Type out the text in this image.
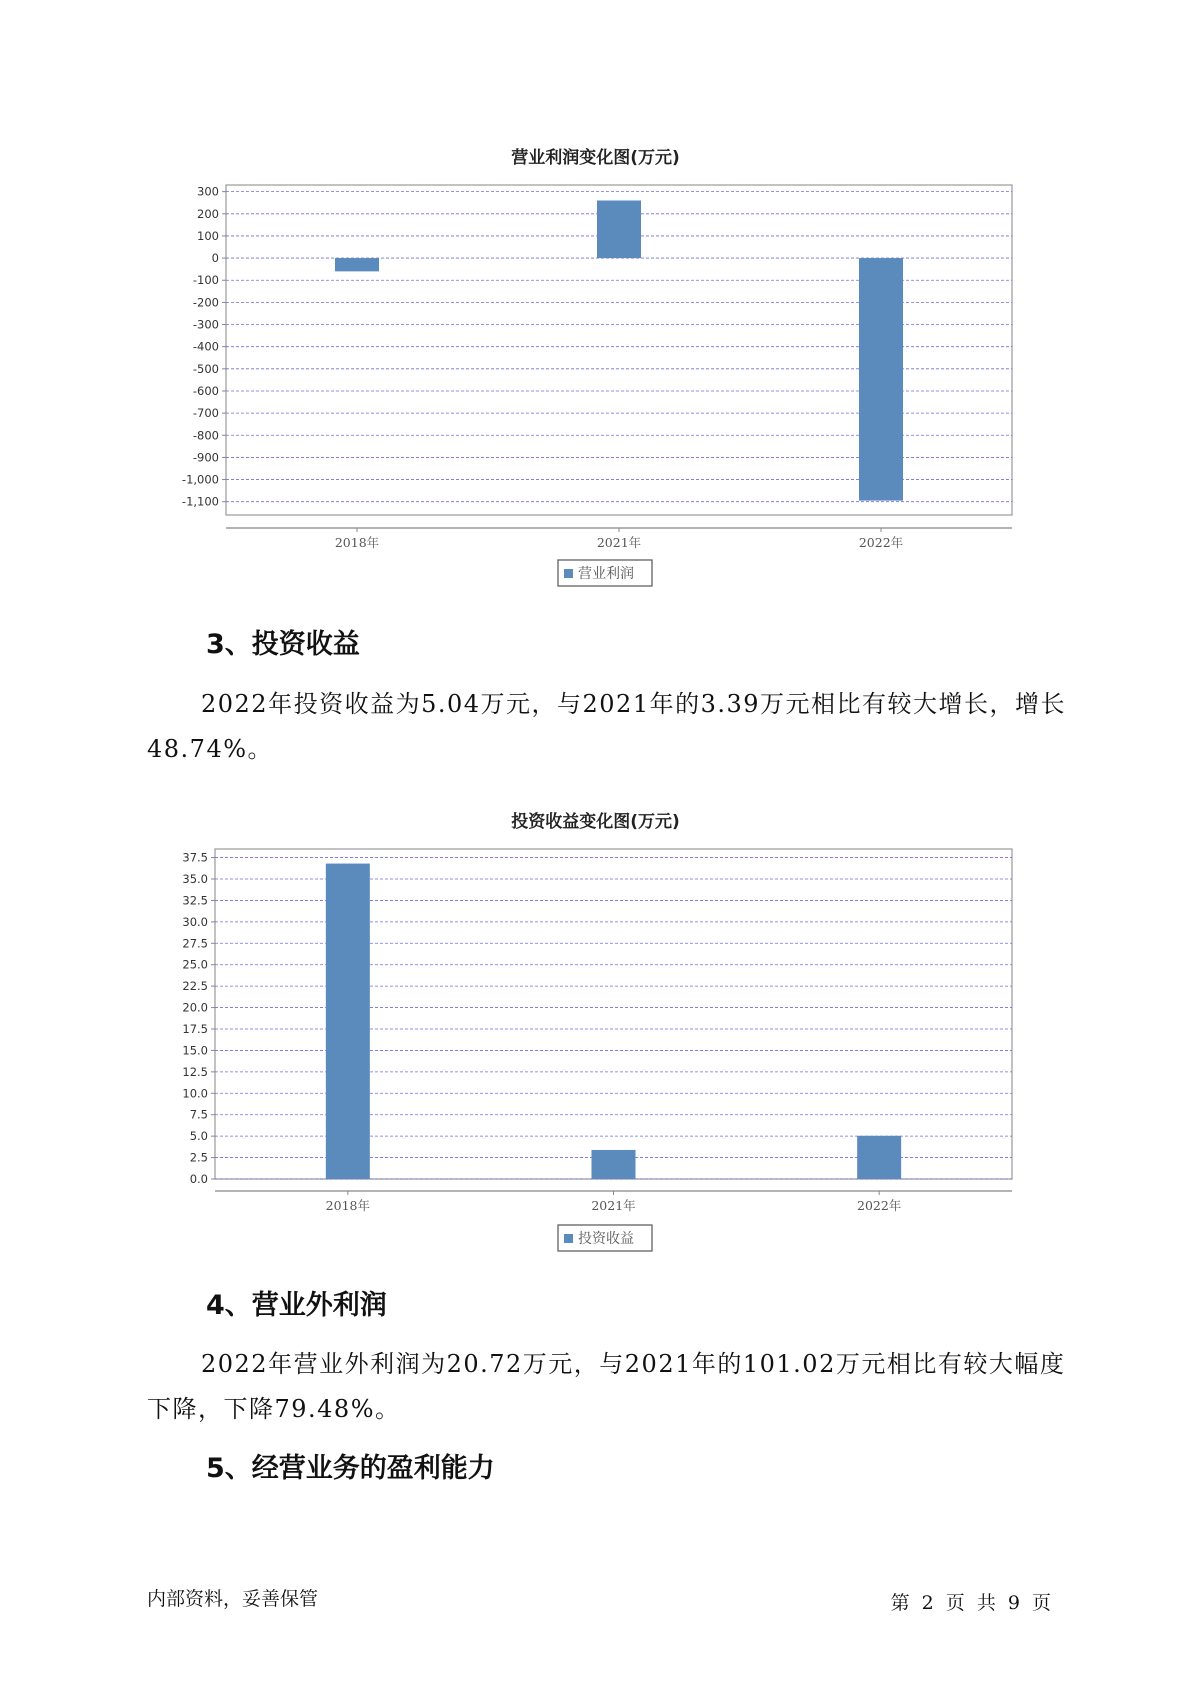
营业利润变化图(万元)
300
200
100
0
-100
-200
-300
-400
-500
-600
-700
-800
-900
-1,000
-1,100
2018年	2021年	2022年
营业利润
3、投资收益

2022年投资收益为5.04万元，与2021年的3.39万元相比有较大增长，增长48.74%。

投资收益变化图(万元)
37.5
35.0
32.5
30.0
27.5
25.0
22.5
20.0
17.5
15.0
12.5
10.0
7.5
5.0
2.5
0.0
2018年	2021年	2022年
投资收益
4、营业外利润

2022年营业外利润为20.72万元，与2021年的101.02万元相比有较大幅度下降，下降79.48%。

5、经营业务的盈利能力
内部资料，妥善保管	第 2 页 共 9 页
